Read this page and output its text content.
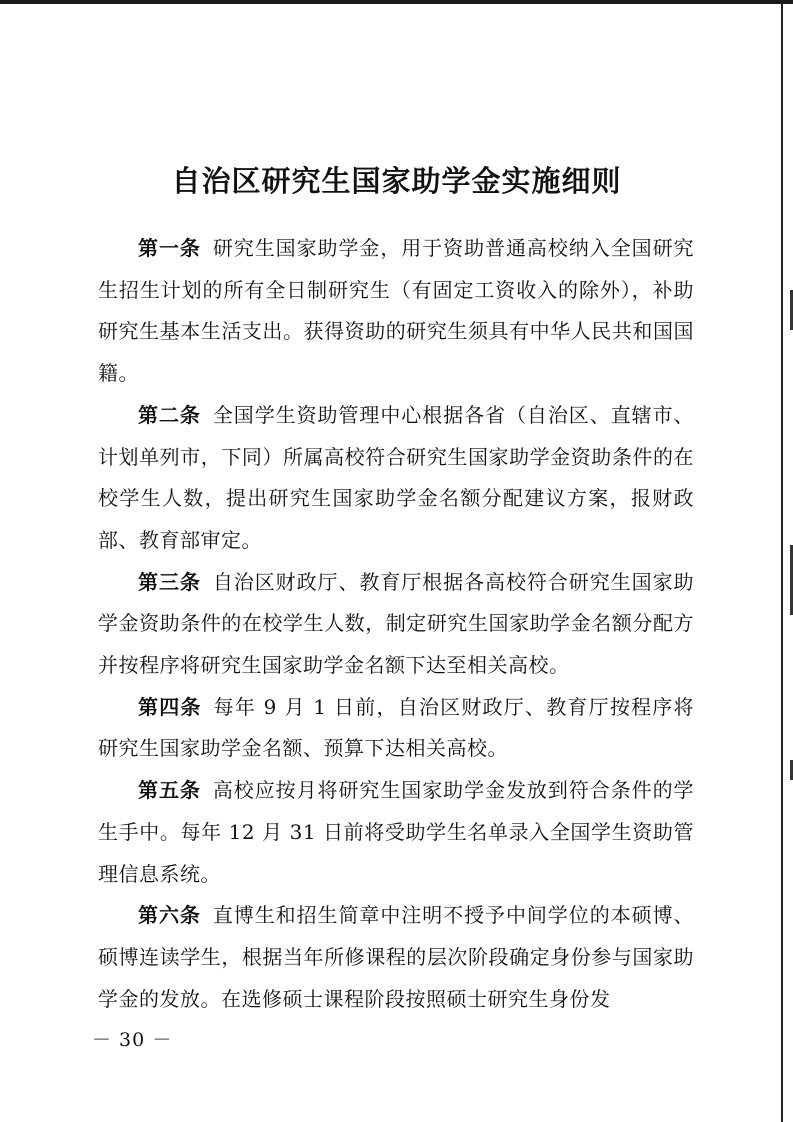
自治区研究生国家助学金实施细则

第一条 研究生国家助学金，用于资助普通高校纳入全国研究生招生计划的所有全日制研究生（有固定工资收入的除外），补助研究生基本生活支出。获得资助的研究生须具有中华人民共和国国籍。

第二条 全国学生资助管理中心根据各省（自治区、直辖市、计划单列市，下同）所属高校符合研究生国家助学金资助条件的在校学生人数，提出研究生国家助学金名额分配建议方案，报财政部、教育部审定。

第三条 自治区财政厅、教育厅根据各高校符合研究生国家助学金资助条件的在校学生人数，制定研究生国家助学金名额分配方并按程序将研究生国家助学金名额下达至相关高校。

第四条 每年 9 月 1 日前，自治区财政厅、教育厅按程序将研究生国家助学金名额、预算下达相关高校。

第五条 高校应按月将研究生国家助学金发放到符合条件的学生手中。每年 12 月 31 日前将受助学生名单录入全国学生资助管理信息系统。

第六条 直博生和招生简章中注明不授予中间学位的本硕博、硕博连读学生，根据当年所修课程的层次阶段确定身份参与国家助学金的发放。在选修硕士课程阶段按照硕士研究生身份发

－ 30 －
